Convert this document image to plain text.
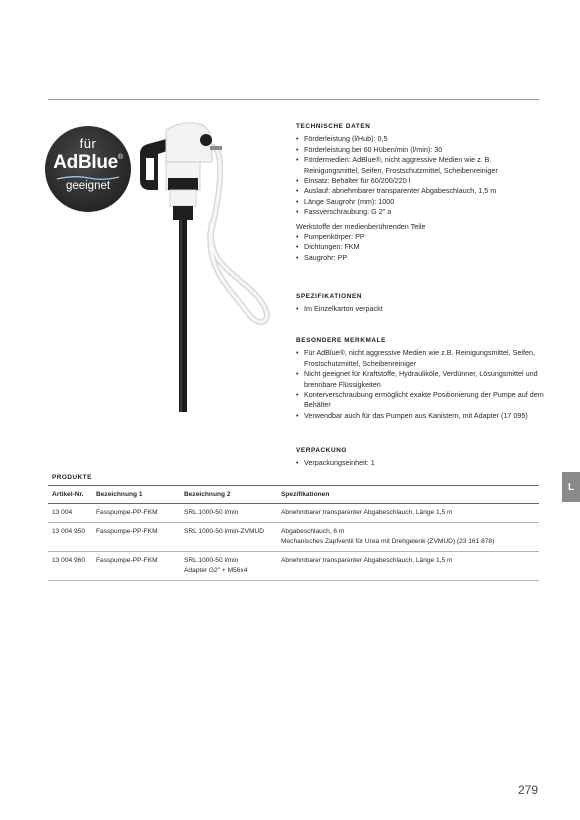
für
AdBlue®
geeignet
TECHNISCHE DATEN
• Förderleistung (l/Hub): 0,5
• Förderleistung bei 60 Hüben/min (l/min): 30
• Fördermedien: AdBlue®, nicht aggressive Medien wie z. B. Reinigungsmittel, Seifen, Frostschutzmittel, Scheibenreiniger
• Einsatz: Behälter für 60/200/220 l
• Auslauf: abnehmbarer transparenter Abgabeschlauch, 1,5 m
• Länge Saugrohr (mm): 1000
• Fassverschraubung: G 2" a

Werkstoffe der medienberührenden Teile

• Pumpenkörper: PP
• Dichtungen: FKM
• Saugrohr: PP
SPEZIFIKATIONEN
• Im Einzelkarton verpackt
BESONDERE MERKMALE
• Für AdBlue®, nicht aggressive Medien wie z.B. Reinigungsmittel, Seifen, Frostschutzmittel, Scheibenreiniger
• Nicht geeignet für Kraftstoffe, Hydrauliköle, Verdünner, Lösungsmittel und brennbare Flüssigkeiten
• Konterverschraubung ermöglicht exakte Positionierung der Pumpe auf dem Behälter
• Verwendbar auch für das Pumpen aus Kanistern, mit Adapter (17 095)
VERPACKUNG
• Verpackungseinheit: 1
L
PRODUKTE
Artikel-Nr.	Bezeichnung 1	Bezeichnung 2	Spezifikationen
13 004	Fasspumpe-PP-FKM	SRL 1000-50 l/min	Abnehmbarer transparenter Abgabeschlauch, Länge 1,5 m

13 004 950	Fasspumpe-PP-FKM	SRL 1000-50 l/min-ZVMUD	Abgabeschlauch, 6 m
Mechanisches Zapfventil für Urea mit Drehgelenk (ZVMUD) (23 161 878)

13 004 960	Fasspumpe-PP-FKM	SRL 1000-50 l/min
Adapter G2" + M56x4	Abnehmbarer transparenter Abgabeschlauch, Länge 1,5 m
279
